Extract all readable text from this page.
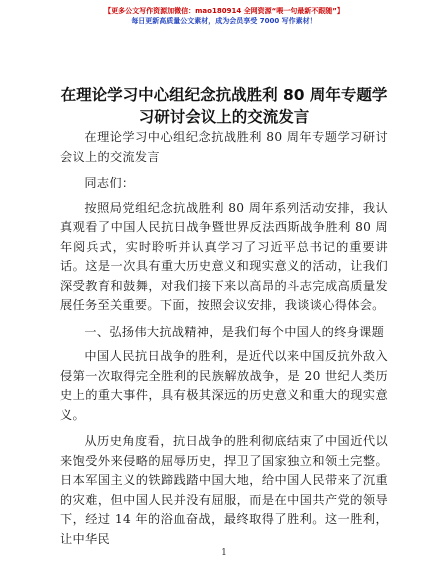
【更多公文写作资源加微信：mao180914 全网资源“喂一句最新不跟随”】
每日更新高质量公文素材，成为会员享受 7000 写作素材！
在理论学习中心组纪念抗战胜利 80 周年专题学习研讨会议上的交流发言

在理论学习中心组纪念抗战胜利 80 周年专题学习研讨会议上的交流发言

同志们：

按照局党组纪念抗战胜利 80 周年系列活动安排，我认真观看了中国人民抗日战争暨世界反法西斯战争胜利 80 周年阅兵式，实时聆听并认真学习了习近平总书记的重要讲话。这是一次具有重大历史意义和现实意义的活动，让我们深受教育和鼓舞，对我们接下来以高昂的斗志完成高质量发展任务至关重要。下面，按照会议安排，我谈谈心得体会。

一、弘扬伟大抗战精神，是我们每个中国人的终身课题

中国人民抗日战争的胜利，是近代以来中国反抗外敌入侵第一次取得完全胜利的民族解放战争，是 20 世纪人类历史上的重大事件，具有极其深远的历史意义和重大的现实意义。

从历史角度看，抗日战争的胜利彻底结束了中国近代以来饱受外来侵略的屈辱历史，捍卫了国家独立和领土完整。日本军国主义的铁蹄践踏中国大地，给中国人民带来了沉重的灾难，但中国人民并没有屈服，而是在中国共产党的领导下，经过 14 年的浴血奋战，最终取得了胜利。这一胜利，让中华民

1
